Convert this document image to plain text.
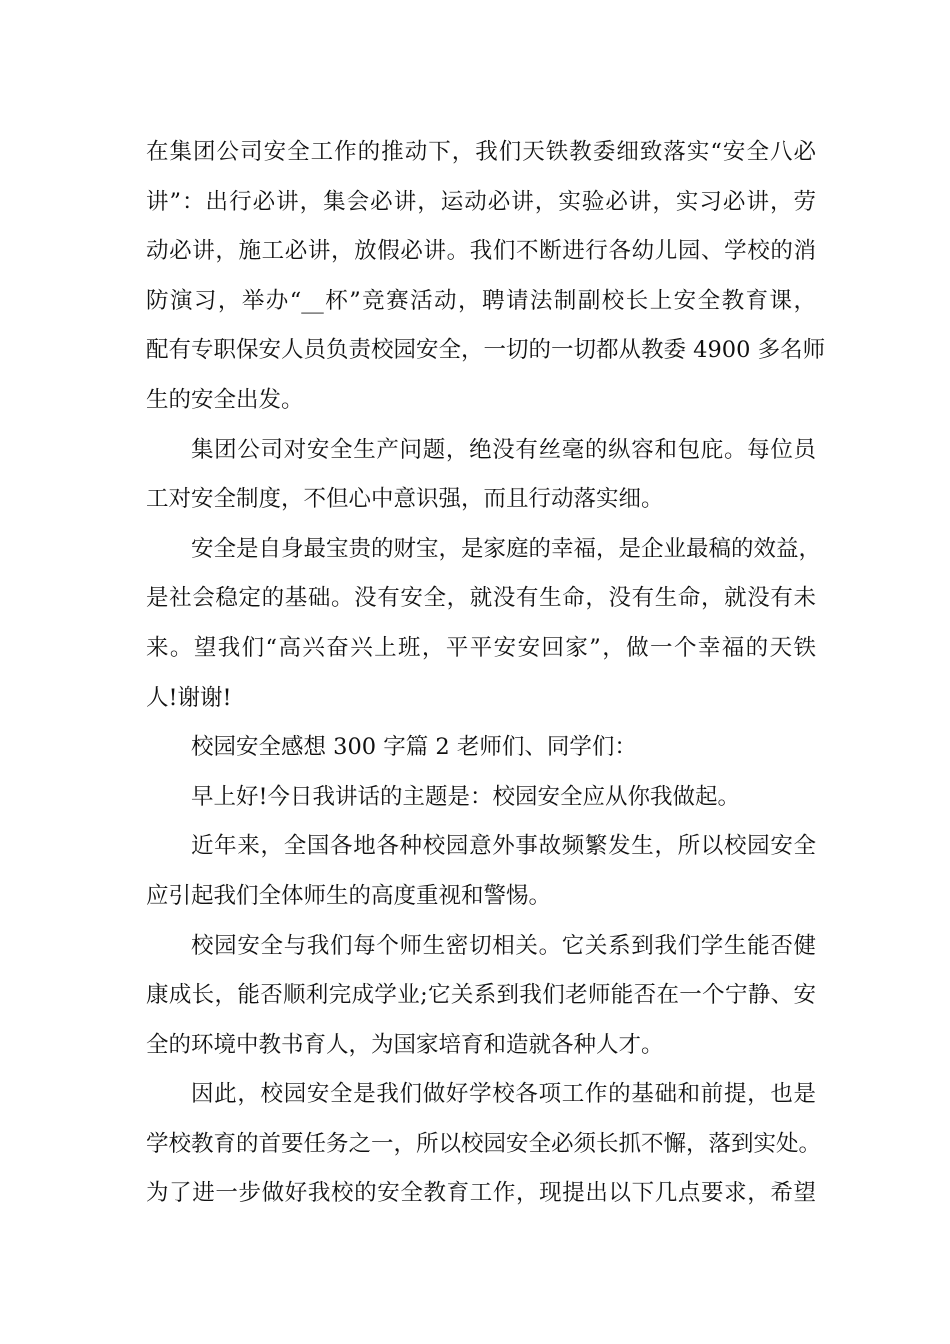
在集团公司安全工作的推动下，我们天铁教委细致落实“安全八必
讲”：出行必讲，集会必讲，运动必讲，实验必讲，实习必讲，劳
动必讲，施工必讲，放假必讲。我们不断进行各幼儿园、学校的消
防演习，举办“__杯”竞赛活动，聘请法制副校长上安全教育课，
配有专职保安人员负责校园安全，一切的一切都从教委 4900 多名师
生的安全出发。
集团公司对安全生产问题，绝没有丝毫的纵容和包庇。每位员
工对安全制度，不但心中意识强，而且行动落实细。
安全是自身最宝贵的财宝，是家庭的幸福，是企业最稿的效益，
是社会稳定的基础。没有安全，就没有生命，没有生命，就没有未
来。望我们“高兴奋兴上班，平平安安回家”，做一个幸福的天铁
人!谢谢!
校园安全感想 300 字篇 2 老师们、同学们：
早上好!今日我讲话的主题是：校园安全应从你我做起。
近年来，全国各地各种校园意外事故频繁发生，所以校园安全
应引起我们全体师生的高度重视和警惕。
校园安全与我们每个师生密切相关。它关系到我们学生能否健
康成长，能否顺利完成学业;它关系到我们老师能否在一个宁静、安
全的环境中教书育人，为国家培育和造就各种人才。
因此，校园安全是我们做好学校各项工作的基础和前提，也是
学校教育的首要任务之一，所以校园安全必须长抓不懈，落到实处。
为了进一步做好我校的安全教育工作，现提出以下几点要求，希望
